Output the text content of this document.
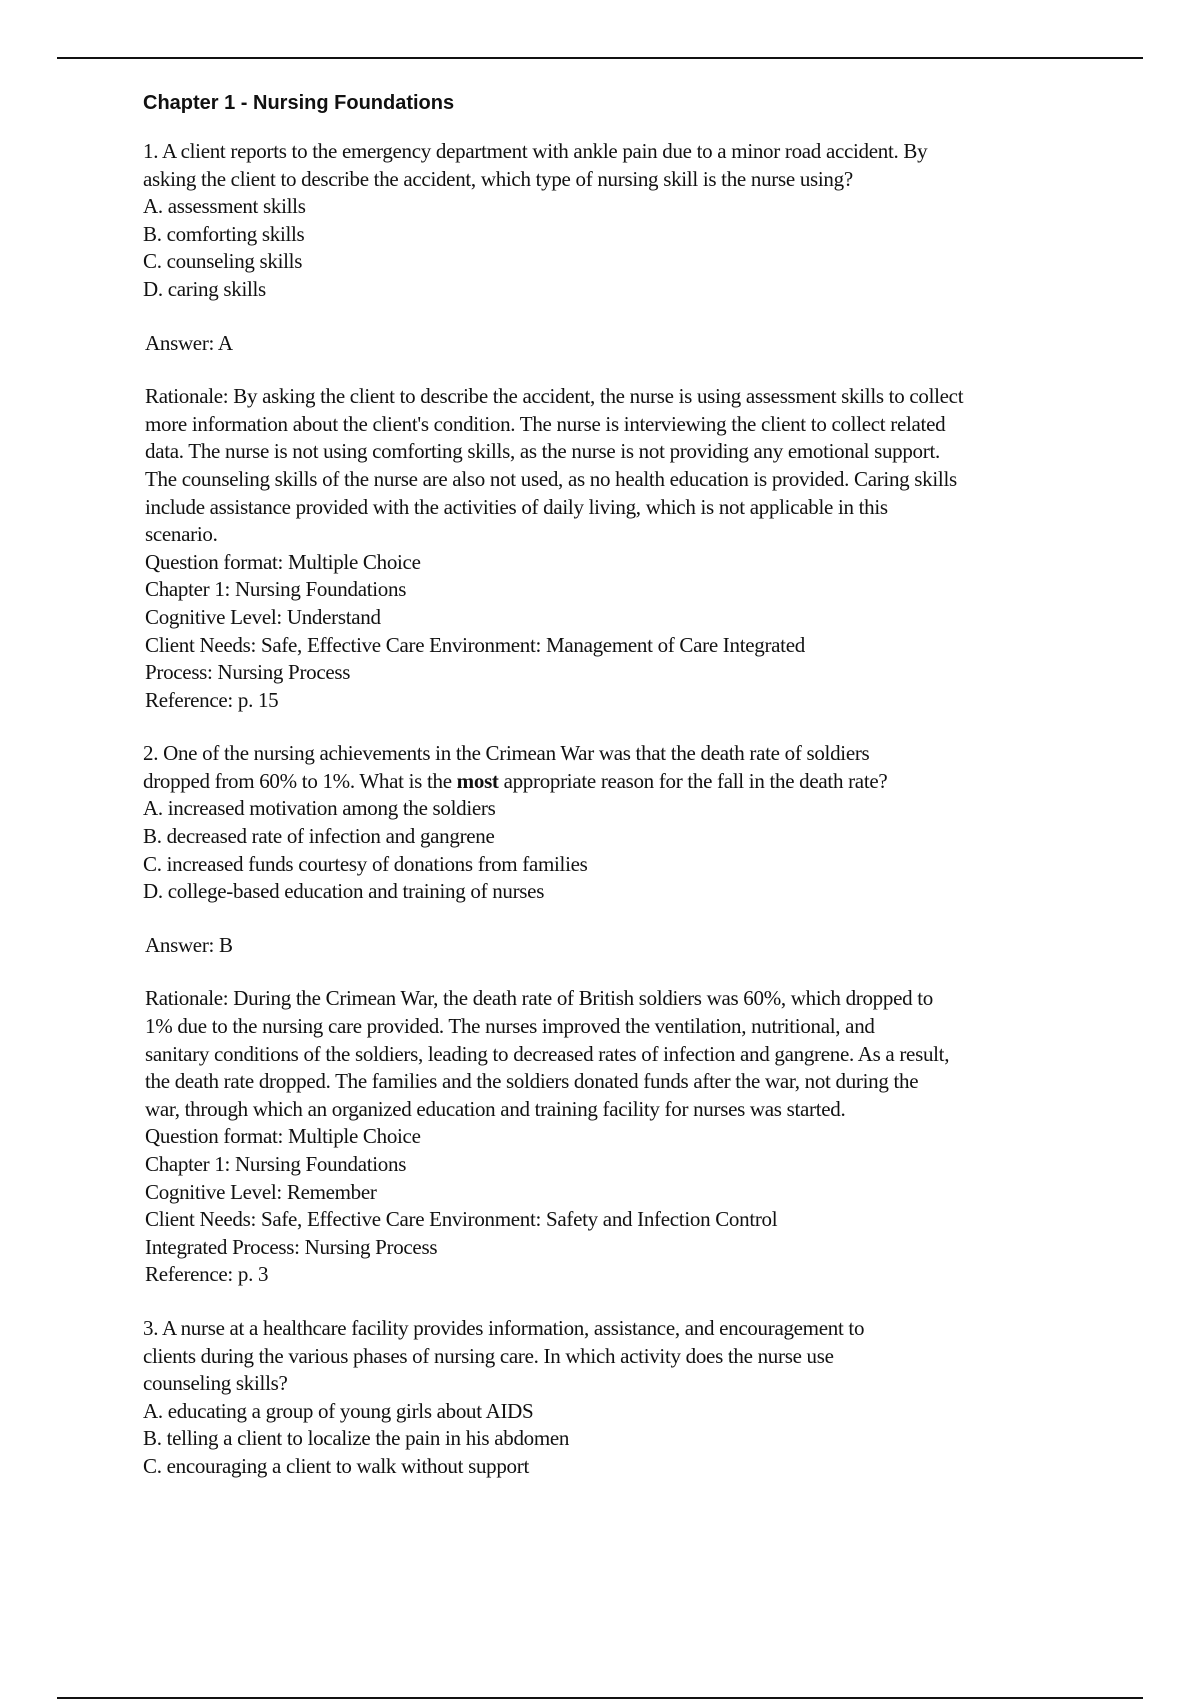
Chapter 1 - Nursing Foundations
1. A client reports to the emergency department with ankle pain due to a minor road accident. By
asking the client to describe the accident, which type of nursing skill is the nurse using?
A. assessment skills
B. comforting skills
C. counseling skills
D. caring skills
Answer: A
Rationale: By asking the client to describe the accident, the nurse is using assessment skills to collect
more information about the client's condition. The nurse is interviewing the client to collect related
data. The nurse is not using comforting skills, as the nurse is not providing any emotional support.
The counseling skills of the nurse are also not used, as no health education is provided. Caring skills
include assistance provided with the activities of daily living, which is not applicable in this
scenario.
Question format: Multiple Choice
Chapter 1: Nursing Foundations
Cognitive Level: Understand
Client Needs: Safe, Effective Care Environment: Management of Care Integrated
Process: Nursing Process
Reference: p. 15
2. One of the nursing achievements in the Crimean War was that the death rate of soldiers
dropped from 60% to 1%. What is the most appropriate reason for the fall in the death rate?
A. increased motivation among the soldiers
B. decreased rate of infection and gangrene
C. increased funds courtesy of donations from families
D. college-based education and training of nurses
Answer: B
Rationale: During the Crimean War, the death rate of British soldiers was 60%, which dropped to
1% due to the nursing care provided. The nurses improved the ventilation, nutritional, and
sanitary conditions of the soldiers, leading to decreased rates of infection and gangrene. As a result,
the death rate dropped. The families and the soldiers donated funds after the war, not during the
war, through which an organized education and training facility for nurses was started.
Question format: Multiple Choice
Chapter 1: Nursing Foundations
Cognitive Level: Remember
Client Needs: Safe, Effective Care Environment: Safety and Infection Control
Integrated Process: Nursing Process
Reference: p. 3
3. A nurse at a healthcare facility provides information, assistance, and encouragement to
clients during the various phases of nursing care. In which activity does the nurse use
counseling skills?
A. educating a group of young girls about AIDS
B. telling a client to localize the pain in his abdomen
C. encouraging a client to walk without support
